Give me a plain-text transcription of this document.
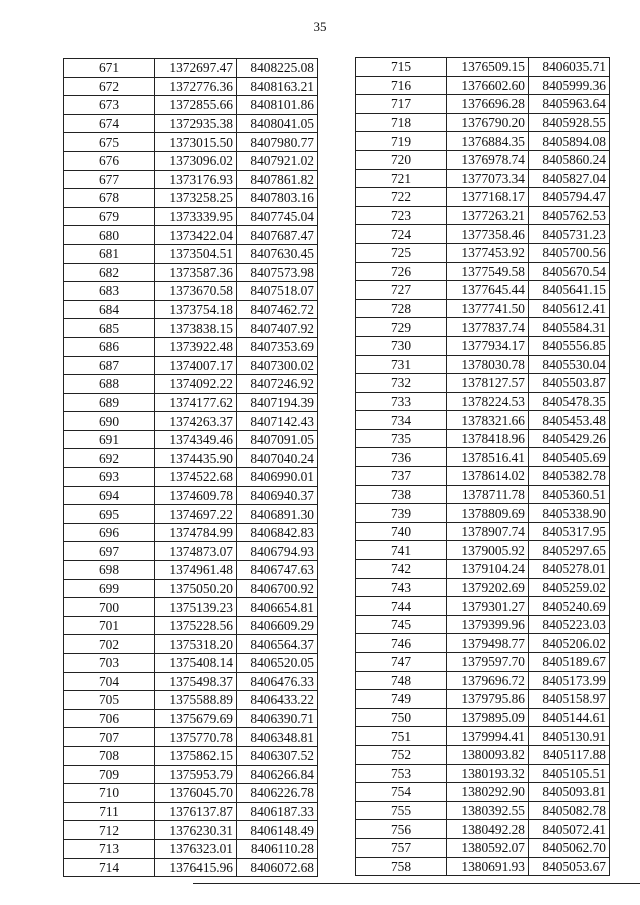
35
671	1372697.47	8408225.08
672	1372776.36	8408163.21
673	1372855.66	8408101.86
674	1372935.38	8408041.05
675	1373015.50	8407980.77
676	1373096.02	8407921.02
677	1373176.93	8407861.82
678	1373258.25	8407803.16
679	1373339.95	8407745.04
680	1373422.04	8407687.47
681	1373504.51	8407630.45
682	1373587.36	8407573.98
683	1373670.58	8407518.07
684	1373754.18	8407462.72
685	1373838.15	8407407.92
686	1373922.48	8407353.69
687	1374007.17	8407300.02
688	1374092.22	8407246.92
689	1374177.62	8407194.39
690	1374263.37	8407142.43
691	1374349.46	8407091.05
692	1374435.90	8407040.24
693	1374522.68	8406990.01
694	1374609.78	8406940.37
695	1374697.22	8406891.30
696	1374784.99	8406842.83
697	1374873.07	8406794.93
698	1374961.48	8406747.63
699	1375050.20	8406700.92
700	1375139.23	8406654.81
701	1375228.56	8406609.29
702	1375318.20	8406564.37
703	1375408.14	8406520.05
704	1375498.37	8406476.33
705	1375588.89	8406433.22
706	1375679.69	8406390.71
707	1375770.78	8406348.81
708	1375862.15	8406307.52
709	1375953.79	8406266.84
710	1376045.70	8406226.78
711	1376137.87	8406187.33
712	1376230.31	8406148.49
713	1376323.01	8406110.28
714	1376415.96	8406072.68
715	1376509.15	8406035.71
716	1376602.60	8405999.36
717	1376696.28	8405963.64
718	1376790.20	8405928.55
719	1376884.35	8405894.08
720	1376978.74	8405860.24
721	1377073.34	8405827.04
722	1377168.17	8405794.47
723	1377263.21	8405762.53
724	1377358.46	8405731.23
725	1377453.92	8405700.56
726	1377549.58	8405670.54
727	1377645.44	8405641.15
728	1377741.50	8405612.41
729	1377837.74	8405584.31
730	1377934.17	8405556.85
731	1378030.78	8405530.04
732	1378127.57	8405503.87
733	1378224.53	8405478.35
734	1378321.66	8405453.48
735	1378418.96	8405429.26
736	1378516.41	8405405.69
737	1378614.02	8405382.78
738	1378711.78	8405360.51
739	1378809.69	8405338.90
740	1378907.74	8405317.95
741	1379005.92	8405297.65
742	1379104.24	8405278.01
743	1379202.69	8405259.02
744	1379301.27	8405240.69
745	1379399.96	8405223.03
746	1379498.77	8405206.02
747	1379597.70	8405189.67
748	1379696.72	8405173.99
749	1379795.86	8405158.97
750	1379895.09	8405144.61
751	1379994.41	8405130.91
752	1380093.82	8405117.88
753	1380193.32	8405105.51
754	1380292.90	8405093.81
755	1380392.55	8405082.78
756	1380492.28	8405072.41
757	1380592.07	8405062.70
758	1380691.93	8405053.67
